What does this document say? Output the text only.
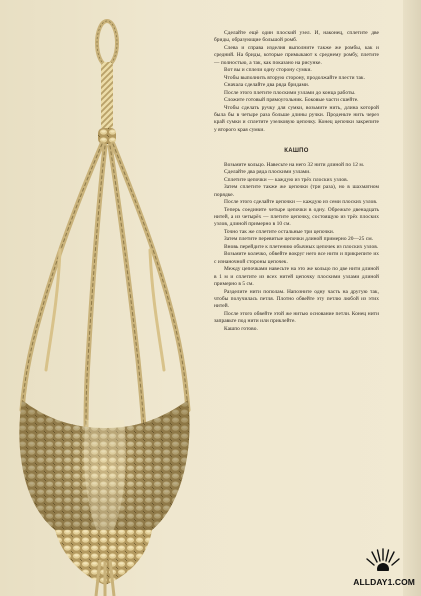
Сделайте ещё один плоский узел. И, наконец, сплетите две бриды, образующие большой ромб.

Слева и справа изделия выполните также же ромбы, как и средний. На бриды, которые примыкают к среднему ромбу, плетите — полностью, а так, как показано на рисунке.

Вот вы и сплели одну сторону сумки.

Чтобы выполнить вторую сторону, продолжайте плести так.

Сначала сделайте два ряда бридами.

После этого плетите плоскими узлами до конца работы.

Сложите готовый прямоугольник. Боковые части сшейте.

Чтобы сделать ручку для сумки, возьмите нить, длина которой была бы в четыре раза больше длины ручки. Проденьте нить через край сумки и сплетите узелковую цепочку. Конец цепочки закрепите у второго края сумки.

КАШПО

Возьмите кольцо. Навесьте на него 32 нити длиной по 12 м.

Сделайте два ряда плоскими узлами.

Сплетите цепочки — каждую из трёх плоских узлов.

Затем сплетите также же цепочки (три раза), но в шахматном порядке.

После этого сделайте цепочки — каждую из семи плоских узлов.

Теперь соедините четыре цепочки в одну. Обрежьте двенадцать нитей, а из четырёх — плетите цепочку, состоящую из трёх плоских узлов, длиной примерно в 10 см.

Точно так же сплетите остальные три цепочки.

Затем плетите перевитые цепочки длиной примерно 20—25 см.

Вновь перейдите к плетению обычных цепочек из плоских узлов.

Возьмите колечко, обвейте вокруг него все нити и прикрепите их с изнаночной стороны цепочек.

Между цепочками навесьте на это же кольцо по две нити длиной в 1 м и сплетите из всех нитей цепочку плоскими узлами длиной примерно в 5 см.

Разделите нити пополам. Напозните одну часть на другую так, чтобы получилась петля. Плотно обвейте эту петлю любой из этих нитей.

После этого обвейте этой же нитью основание петли. Конец нити заправьте под нити или приклейте.

Кашпо готово.

ALLDAY1.COM
